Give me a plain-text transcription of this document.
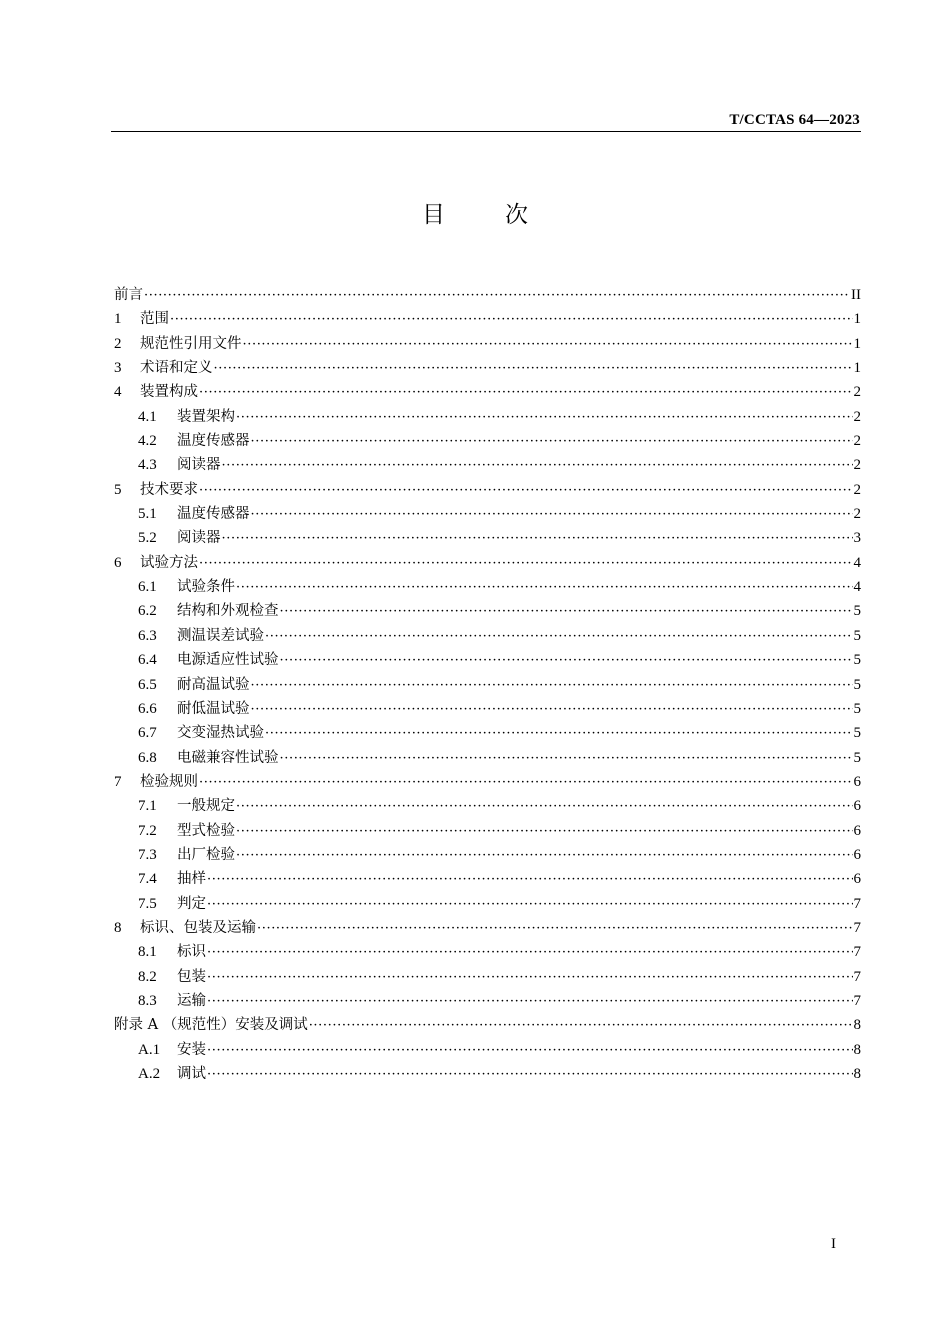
T/CCTAS 64—2023
目	次
前言 ·····	II
1	范围 ·····	1
2	规范性引用文件 ·····	1
3	术语和定义 ·····	1
4	装置构成 ·····	2
4.1	装置架构 ·····	2
4.2	温度传感器 ·····	2
4.3	阅读器 ·····	2
5	技术要求 ·····	2
5.1	温度传感器 ·····	2
5.2	阅读器 ·····	3
6	试验方法 ·····	4
6.1	试验条件 ·····	4
6.2	结构和外观检查 ·····	5
6.3	测温误差试验 ·····	5
6.4	电源适应性试验 ·····	5
6.5	耐高温试验 ·····	5
6.6	耐低温试验 ·····	5
6.7	交变湿热试验 ·····	5
6.8	电磁兼容性试验 ·····	5
7	检验规则 ·····	6
7.1	一般规定 ·····	6
7.2	型式检验 ·····	6
7.3	出厂检验 ·····	6
7.4	抽样 ·····	6
7.5	判定 ·····	7
8	标识、包装及运输 ·····	7
8.1	标识 ·····	7
8.2	包装 ·····	7
8.3	运输 ·····	7
附录 A （规范性）安装及调试 ·····	8
A.1	安装 ·····	8
A.2	调试 ·····	8
I
